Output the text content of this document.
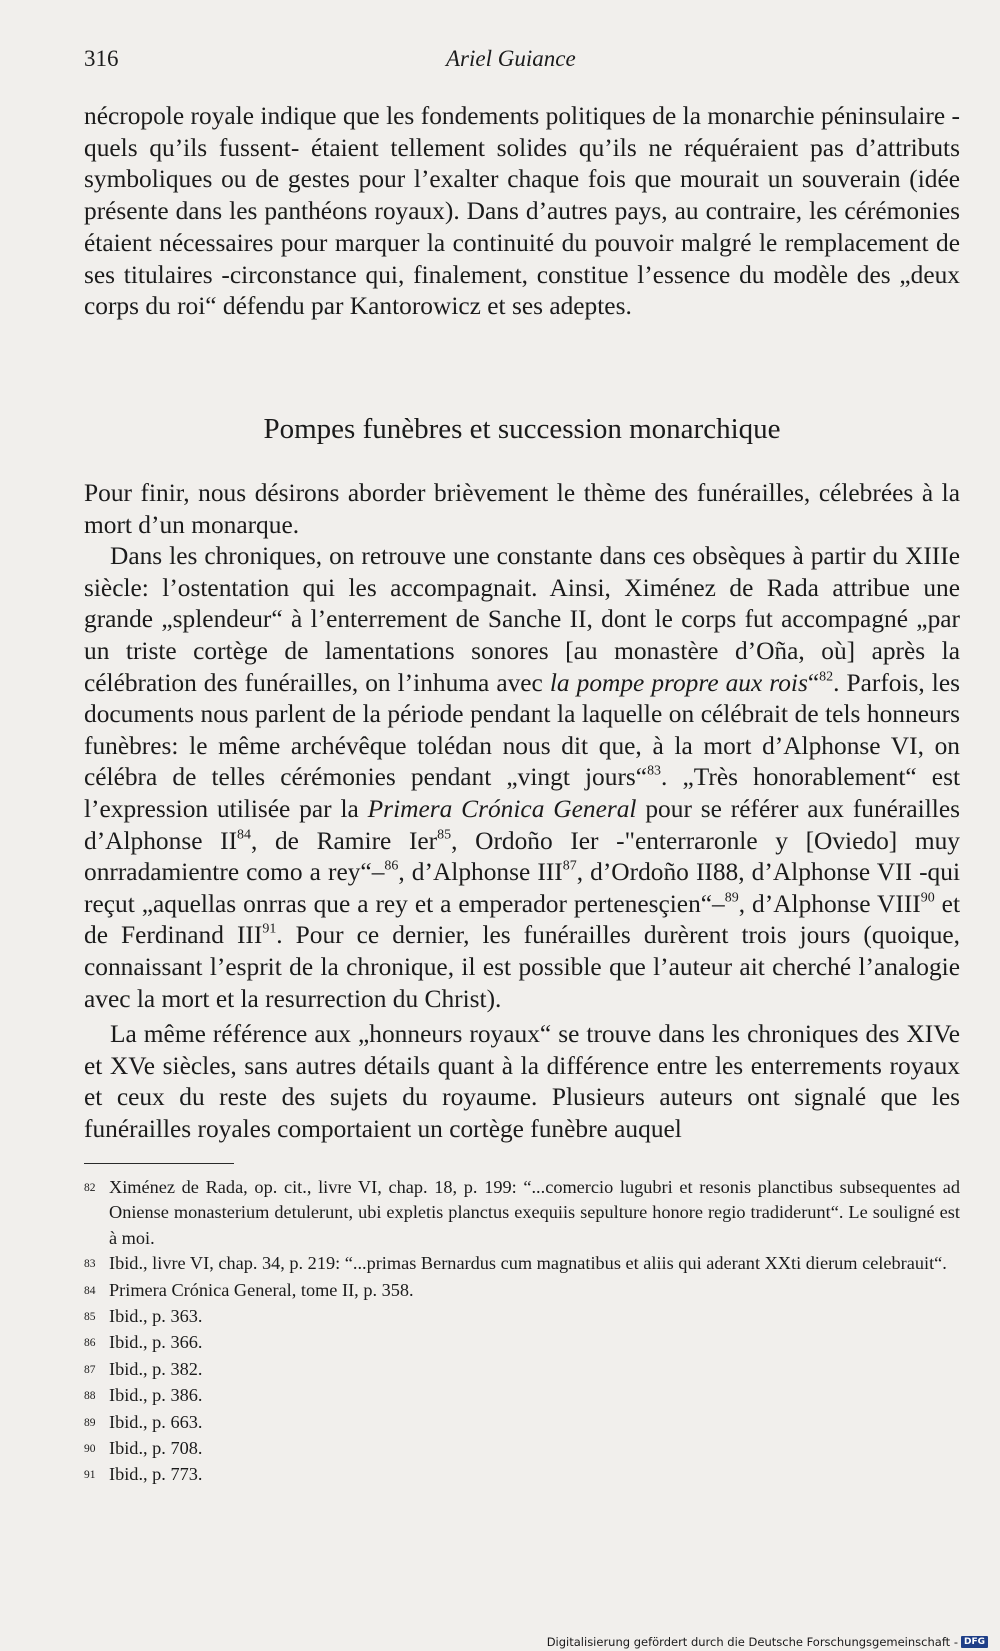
316	Ariel Guiance

nécropole royale indique que les fondements politiques de la monarchie péninsulaire -quels qu’ils fussent- étaient tellement solides qu’ils ne réquéraient pas d’attributs symboliques ou de gestes pour l’exalter chaque fois que mourait un souverain (idée présente dans les panthéons royaux). Dans d’autres pays, au contraire, les cérémonies étaient nécessaires pour marquer la continuité du pouvoir malgré le remplacement de ses titulaires -circonstance qui, finalement, constitue l’essence du modèle des „deux corps du roi“ défendu par Kantorowicz et ses adeptes.

Pompes funèbres et succession monarchique

Pour finir, nous désirons aborder brièvement le thème des funérailles, célebrées à la mort d’un monarque.

Dans les chroniques, on retrouve une constante dans ces obsèques à partir du XIIIe siècle: l’ostentation qui les accompagnait. Ainsi, Ximénez de Rada attribue une grande „splendeur“ à l’enterrement de Sanche II, dont le corps fut accompagné „par un triste cortège de lamentations sonores [au monastère d’Oña, où] après la célébration des funérailles, on l’inhuma avec la pompe propre aux rois“$^{82}$. Parfois, les documents nous parlent de la période pendant la laquelle on célébrait de tels honneurs funèbres: le même archévêque tolédan nous dit que, à la mort d’Alphonse VI, on célébra de telles cérémonies pendant „vingt jours“$^{83}$. „Très honorablement“ est l’expression utilisée par la Primera Crónica General pour se référer aux funérailles d’Alphonse II$^{84}$, de Ramire Ier$^{85}$, Ordoño Ier -"enterraronle y [Oviedo] muy onrradamientre como a rey“–$^{86}$, d’Alphonse III$^{87}$, d’Ordoño II88, d’Alphonse VII -qui reçut „aquellas onrras que a rey et a emperador pertenesçien“–$^{89}$, d’Alphonse VIII$^{90}$ et de Ferdinand III$^{91}$. Pour ce dernier, les funérailles durèrent trois jours (quoique, connaissant l’esprit de la chronique, il est possible que l’auteur ait cherché l’analogie avec la mort et la resurrection du Christ).

La même référence aux „honneurs royaux“ se trouve dans les chroniques des XIVe et XVe siècles, sans autres détails quant à la différence entre les enterrements royaux et ceux du reste des sujets du royaume. Plusieurs auteurs ont signalé que les funérailles royales comportaient un cortège funèbre auquel

82 Ximénez de Rada, op. cit., livre VI, chap. 18, p. 199: “...comercio lugubri et resonis planctibus subsequentes ad Oniense monasterium detulerunt, ubi expletis planctus exequiis sepulture honore regio tradiderunt“. Le souligné est à moi.
83 Ibid., livre VI, chap. 34, p. 219: “...primas Bernardus cum magnatibus et aliis qui aderant XXti dierum celebrauit“.
84 Primera Crónica General, tome II, p. 358.
85 Ibid., p. 363.
86 Ibid., p. 366.
87 Ibid., p. 382.
88 Ibid., p. 386.
89 Ibid., p. 663.
90 Ibid., p. 708.
91 Ibid., p. 773.
Digitalisierung gefördert durch die Deutsche Forschungsgemeinschaft - DFG
